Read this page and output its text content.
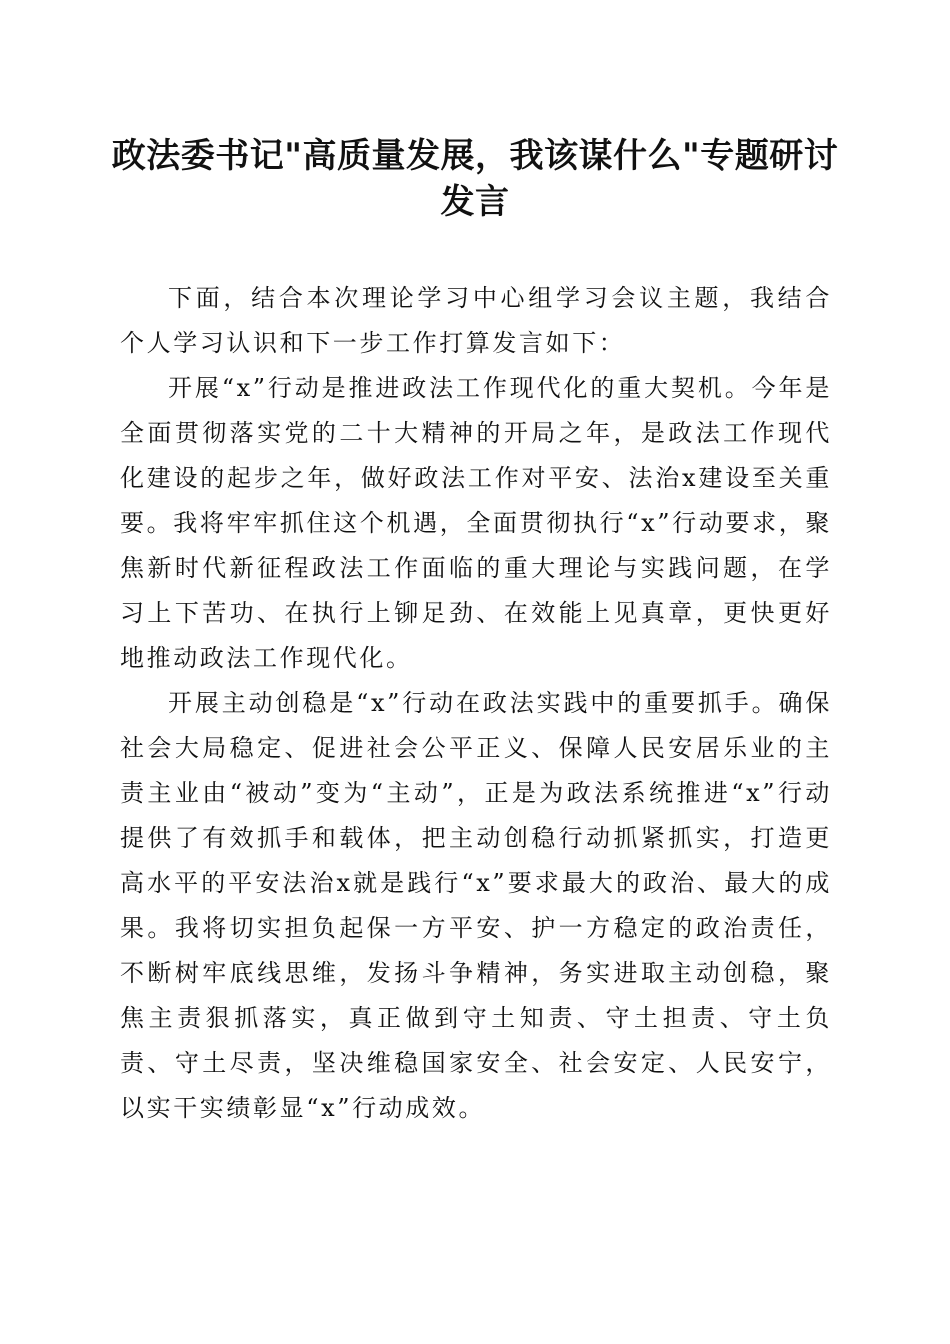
政法委书记"高质量发展，我该谋什么"专题研讨发言

下面，结合本次理论学习中心组学习会议主题，我结合个人学习认识和下一步工作打算发言如下：

开展“x”行动是推进政法工作现代化的重大契机。今年是全面贯彻落实党的二十大精神的开局之年，是政法工作现代化建设的起步之年，做好政法工作对平安、法治x建设至关重要。我将牢牢抓住这个机遇，全面贯彻执行“x”行动要求，聚焦新时代新征程政法工作面临的重大理论与实践问题，在学习上下苦功、在执行上铆足劲、在效能上见真章，更快更好地推动政法工作现代化。

开展主动创稳是“x”行动在政法实践中的重要抓手。确保社会大局稳定、促进社会公平正义、保障人民安居乐业的主责主业由“被动”变为“主动”，正是为政法系统推进“x”行动提供了有效抓手和载体，把主动创稳行动抓紧抓实，打造更高水平的平安法治x就是践行“x”要求最大的政治、最大的成果。我将切实担负起保一方平安、护一方稳定的政治责任，不断树牢底线思维，发扬斗争精神，务实进取主动创稳，聚焦主责狠抓落实，真正做到守土知责、守土担责、守土负责、守土尽责，坚决维稳国家安全、社会安定、人民安宁，以实干实绩彰显“x”行动成效。
